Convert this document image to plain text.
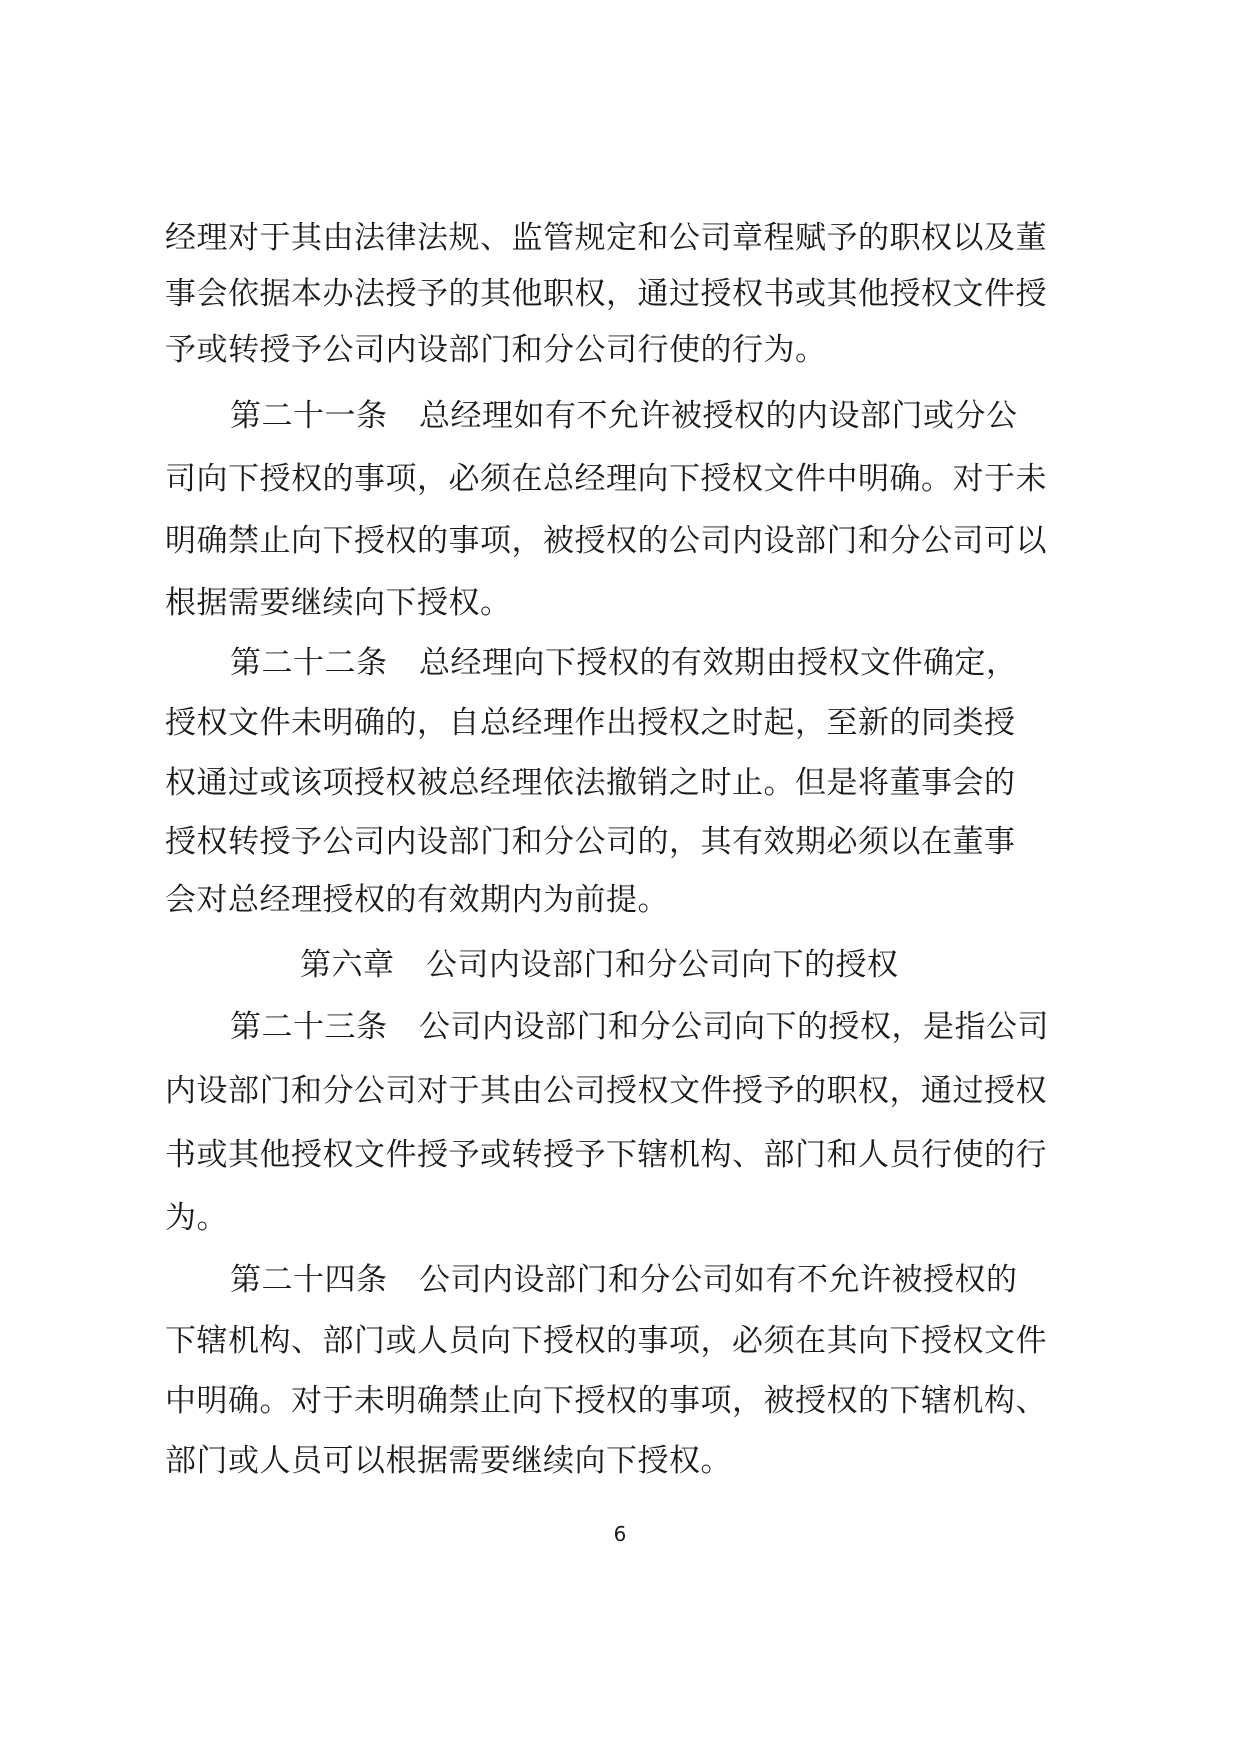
经理对于其由法律法规、监管规定和公司章程赋予的职权以及董
事会依据本办法授予的其他职权，通过授权书或其他授权文件授
予或转授予公司内设部门和分公司行使的行为。
第二十一条　总经理如有不允许被授权的内设部门或分公
司向下授权的事项，必须在总经理向下授权文件中明确。对于未
明确禁止向下授权的事项，被授权的公司内设部门和分公司可以
根据需要继续向下授权。
第二十二条　总经理向下授权的有效期由授权文件确定，
授权文件未明确的，自总经理作出授权之时起，至新的同类授
权通过或该项授权被总经理依法撤销之时止。但是将董事会的
授权转授予公司内设部门和分公司的，其有效期必须以在董事
会对总经理授权的有效期内为前提。
第六章　公司内设部门和分公司向下的授权
第二十三条　公司内设部门和分公司向下的授权，是指公司
内设部门和分公司对于其由公司授权文件授予的职权，通过授权
书或其他授权文件授予或转授予下辖机构、部门和人员行使的行
为。
第二十四条　公司内设部门和分公司如有不允许被授权的
下辖机构、部门或人员向下授权的事项，必须在其向下授权文件
中明确。对于未明确禁止向下授权的事项，被授权的下辖机构、
部门或人员可以根据需要继续向下授权。
6
